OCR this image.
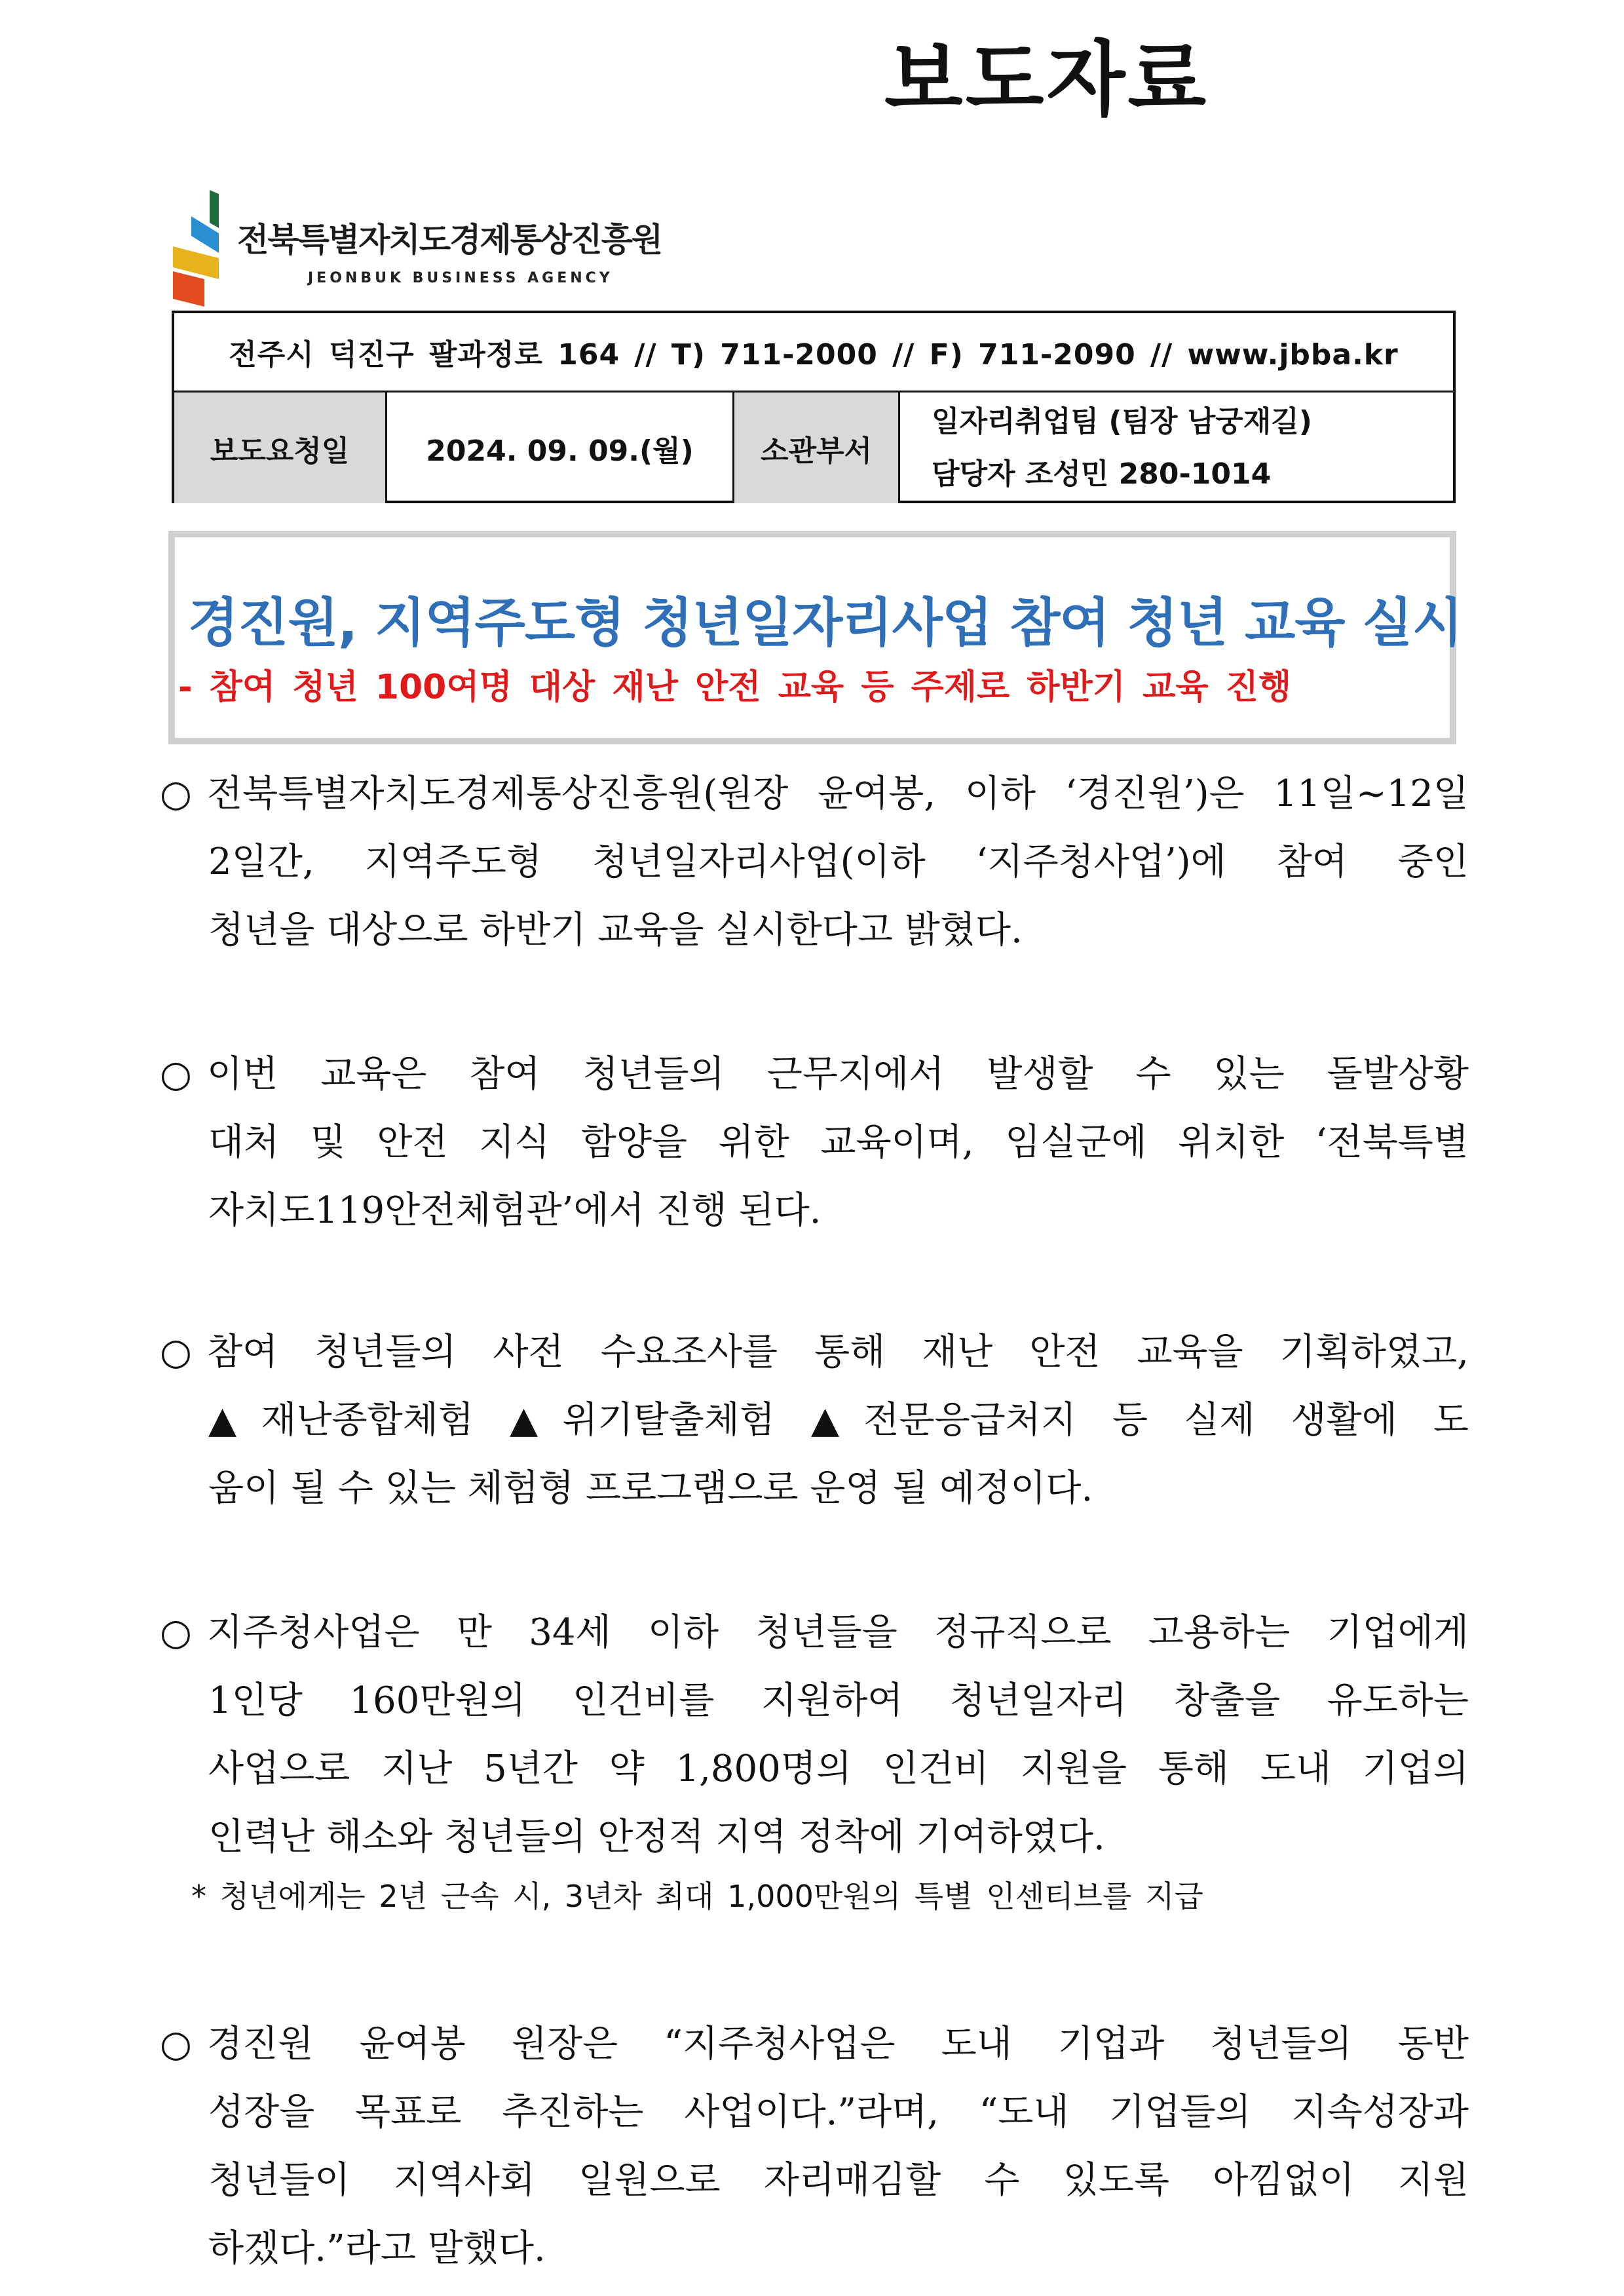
보도자료
전북특별자치도경제통상진흥원
JEONBUK BUSINESS AGENCY
전주시 덕진구 팔과정로 164 // T) 711-2000 // F) 711-2090 // www.jbba.kr
보도요청일	2024. 09. 09.(월)	소관부서
일자리취업팀 (팀장 남궁재길)
담당자 조성민 280-1014
경진원, 지역주도형 청년일자리사업 참여 청년 교육 실시
- 참여 청년 100여명 대상 재난 안전 교육 등 주제로 하반기 교육 진행
○ 전북특별자치도경제통상진흥원(원장 윤여봉, 이하 ‘경진원’)은 11일~12일
2일간, 지역주도형 청년일자리사업(이하 ‘지주청사업’)에 참여 중인
청년을 대상으로 하반기 교육을 실시한다고 밝혔다.
○ 이번 교육은 참여 청년들의 근무지에서 발생할 수 있는 돌발상황
대처 및 안전 지식 함양을 위한 교육이며, 임실군에 위치한 ‘전북특별
자치도119안전체험관’에서 진행 된다.
○ 참여 청년들의 사전 수요조사를 통해 재난 안전 교육을 기획하였고,
▲재난종합체험 ▲위기탈출체험 ▲전문응급처지 등 실제 생활에 도
움이 될 수 있는 체험형 프로그램으로 운영 될 예정이다.
○ 지주청사업은 만 34세 이하 청년들을 정규직으로 고용하는 기업에게
1인당 160만원의 인건비를 지원하여 청년일자리 창출을 유도하는
사업으로 지난 5년간 약 1,800명의 인건비 지원을 통해 도내 기업의
인력난 해소와 청년들의 안정적 지역 정착에 기여하였다.
* 청년에게는 2년 근속 시, 3년차 최대 1,000만원의 특별 인센티브를 지급
○ 경진원 윤여봉 원장은 “지주청사업은 도내 기업과 청년들의 동반
성장을 목표로 추진하는 사업이다.”라며, “도내 기업들의 지속성장과
청년들이 지역사회 일원으로 자리매김할 수 있도록 아낌없이 지원
하겠다.”라고 말했다.
